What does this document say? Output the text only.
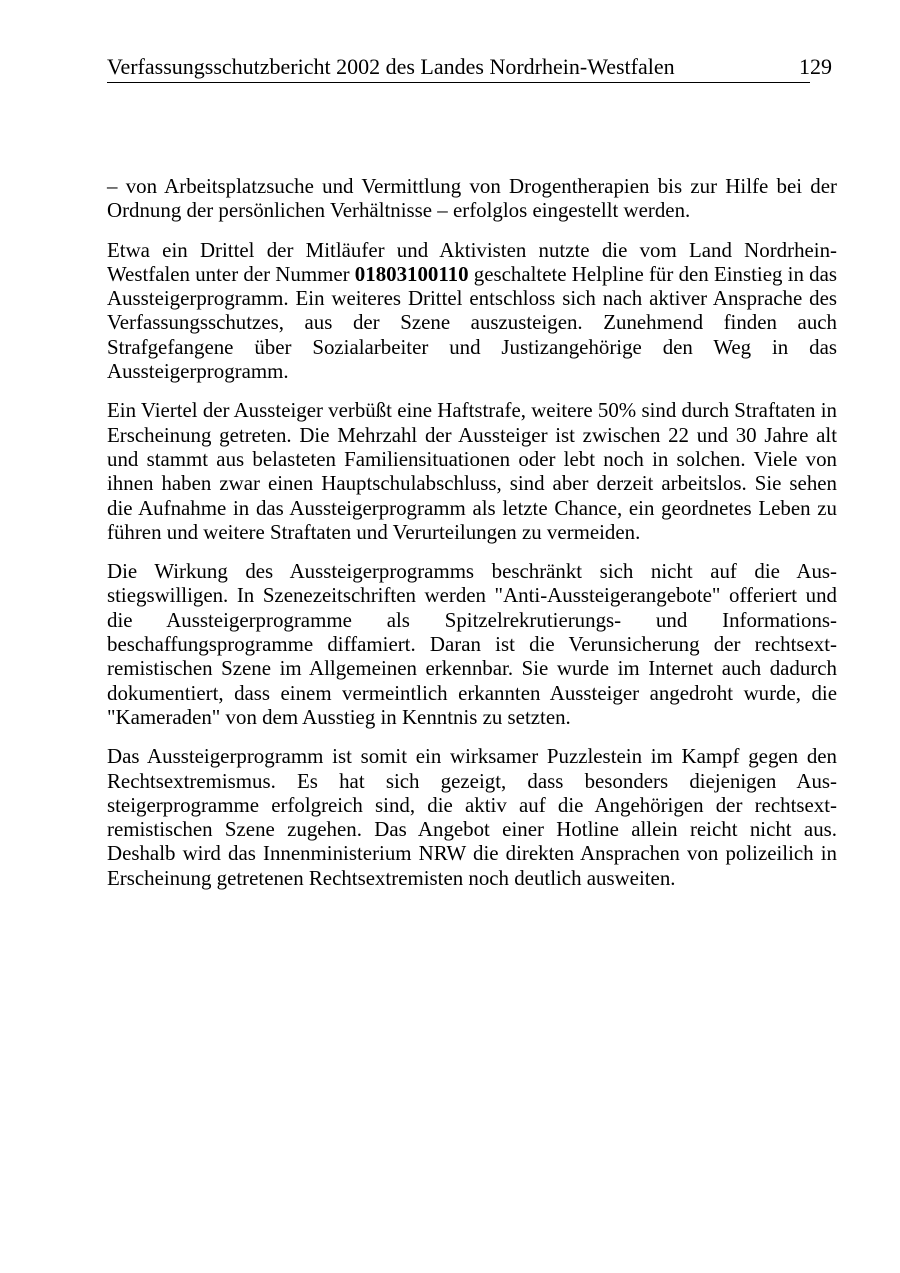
Verfassungsschutzbericht 2002 des Landes Nordrhein-Westfalen	129

– von Arbeitsplatzsuche und Vermittlung von Drogentherapien bis zur Hilfe bei der Ordnung der persönlichen Verhältnisse – erfolglos eingestellt werden.

Etwa ein Drittel der Mitläufer und Aktivisten nutzte die vom Land Nordrhein-Westfalen unter der Nummer 01803100110 geschaltete Helpline für den Einstieg in das Aussteigerprogramm. Ein weiteres Drittel entschloss sich nach aktiver Ansprache des Verfassungsschutzes, aus der Szene auszusteigen. Zunehmend finden auch Strafgefangene über Sozialarbeiter und Justizangehörige den Weg in das Aussteigerprogramm.

Ein Viertel der Aussteiger verbüßt eine Haftstrafe, weitere 50% sind durch Straftaten in Erscheinung getreten. Die Mehrzahl der Aussteiger ist zwischen 22 und 30 Jahre alt und stammt aus belasteten Familiensituationen oder lebt noch in solchen. Viele von ihnen haben zwar einen Hauptschulabschluss, sind aber derzeit arbeitslos. Sie sehen die Aufnahme in das Aussteigerprogramm als letzte Chance, ein geordnetes Leben zu führen und weitere Straftaten und Verurteilungen zu vermeiden.

Die Wirkung des Aussteigerprogramms beschränkt sich nicht auf die Ausstiegswilligen. In Szenezeitschriften werden "Anti-Aussteigerangebote" offeriert und die Aussteigerprogramme als Spitzelrekrutierungs- und Informationsbeschaffungsprogramme diffamiert. Daran ist die Verunsicherung der rechtsextremistischen Szene im Allgemeinen erkennbar. Sie wurde im Internet auch dadurch dokumentiert, dass einem vermeintlich erkannten Aussteiger angedroht wurde, die "Kameraden" von dem Ausstieg in Kenntnis zu setzten.

Das Aussteigerprogramm ist somit ein wirksamer Puzzlestein im Kampf gegen den Rechtsextremismus. Es hat sich gezeigt, dass besonders diejenigen Aussteigerprogramme erfolgreich sind, die aktiv auf die Angehörigen der rechtsextremistischen Szene zugehen. Das Angebot einer Hotline allein reicht nicht aus. Deshalb wird das Innenministerium NRW die direkten Ansprachen von polizeilich in Erscheinung getretenen Rechtsextremisten noch deutlich ausweiten.
